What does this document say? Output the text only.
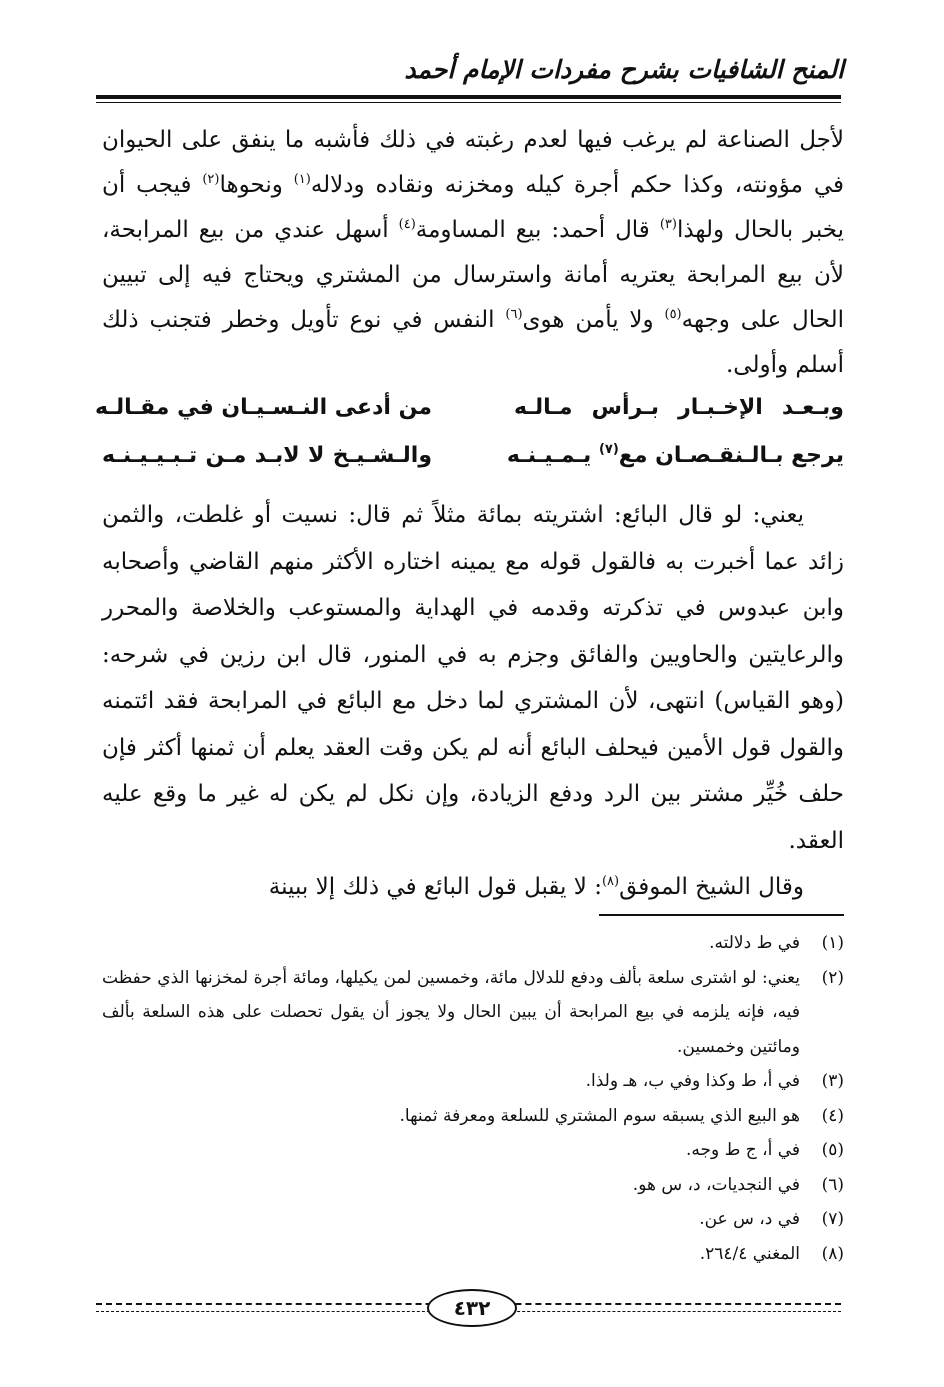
المنح الشافيات بشرح مفردات الإمام أحمد

لأجل الصناعة لم يرغب فيها لعدم رغبته في ذلك فأشبه ما ينفق على الحيوان في مؤونته، وكذا حكم أجرة كيله ومخزنه ونقاده ودلاله$^{(١)}$ ونحوها$^{(٢)}$ فيجب أن يخبر بالحال ولهذا$^{(٣)}$ قال أحمد: بيع المساومة$^{(٤)}$ أسهل عندي من بيع المرابحة، لأن بيع المرابحة يعتريه أمانة واسترسال من المشتري ويحتاج فيه إلى تبيين الحال على وجهه$^{(٥)}$ ولا يأمن هوى$^{(٦)}$ النفس في نوع تأويل وخطر فتجنب ذلك أسلم وأولى.

وبـعـد الإخـبـار بـرأس مـالـه
من أدعى النـسـيـان في مقـالـه
يرجع بـالـنقـصـان مع$^{(٧)}$ يـمـيـنـه
والـشـيـخ لا لابـد مـن تـبـيـيـنـه

يعني: لو قال البائع: اشتريته بمائة مثلاً ثم قال: نسيت أو غلطت، والثمن زائد عما أخبرت به فالقول قوله مع يمينه اختاره الأكثر منهم القاضي وأصحابه وابن عبدوس في تذكرته وقدمه في الهداية والمستوعب والخلاصة والمحرر والرعايتين والحاويين والفائق وجزم به في المنور، قال ابن رزين في شرحه: (وهو القياس) انتهى، لأن المشتري لما دخل مع البائع في المرابحة فقد ائتمنه والقول قول الأمين فيحلف البائع أنه لم يكن وقت العقد يعلم أن ثمنها أكثر فإن حلف خُيِّر مشتر بين الرد ودفع الزيادة، وإن نكل لم يكن له غير ما وقع عليه العقد.

وقال الشيخ الموفق$^{(٨)}$: لا يقبل قول البائع في ذلك إلا ببينة

(١)
في ط دلالته.
(٢)
يعني: لو اشترى سلعة بألف ودفع للدلال مائة، وخمسين لمن يكيلها، ومائة أجرة لمخزنها الذي حفظت فيه، فإنه يلزمه في بيع المرابحة أن يبين الحال ولا يجوز أن يقول تحصلت على هذه السلعة بألف ومائتين وخمسين.
(٣)
في أ، ط وكذا وفي ب، هـ ولذا.
(٤)
هو البيع الذي يسبقه سوم المشتري للسلعة ومعرفة ثمنها.
(٥)
في أ، ج ط وجه.
(٦)
في النجديات، د، س هو.
(٧)
في د، س عن.
(٨)
المغني ٢٦٤/٤.
٤٣٢
